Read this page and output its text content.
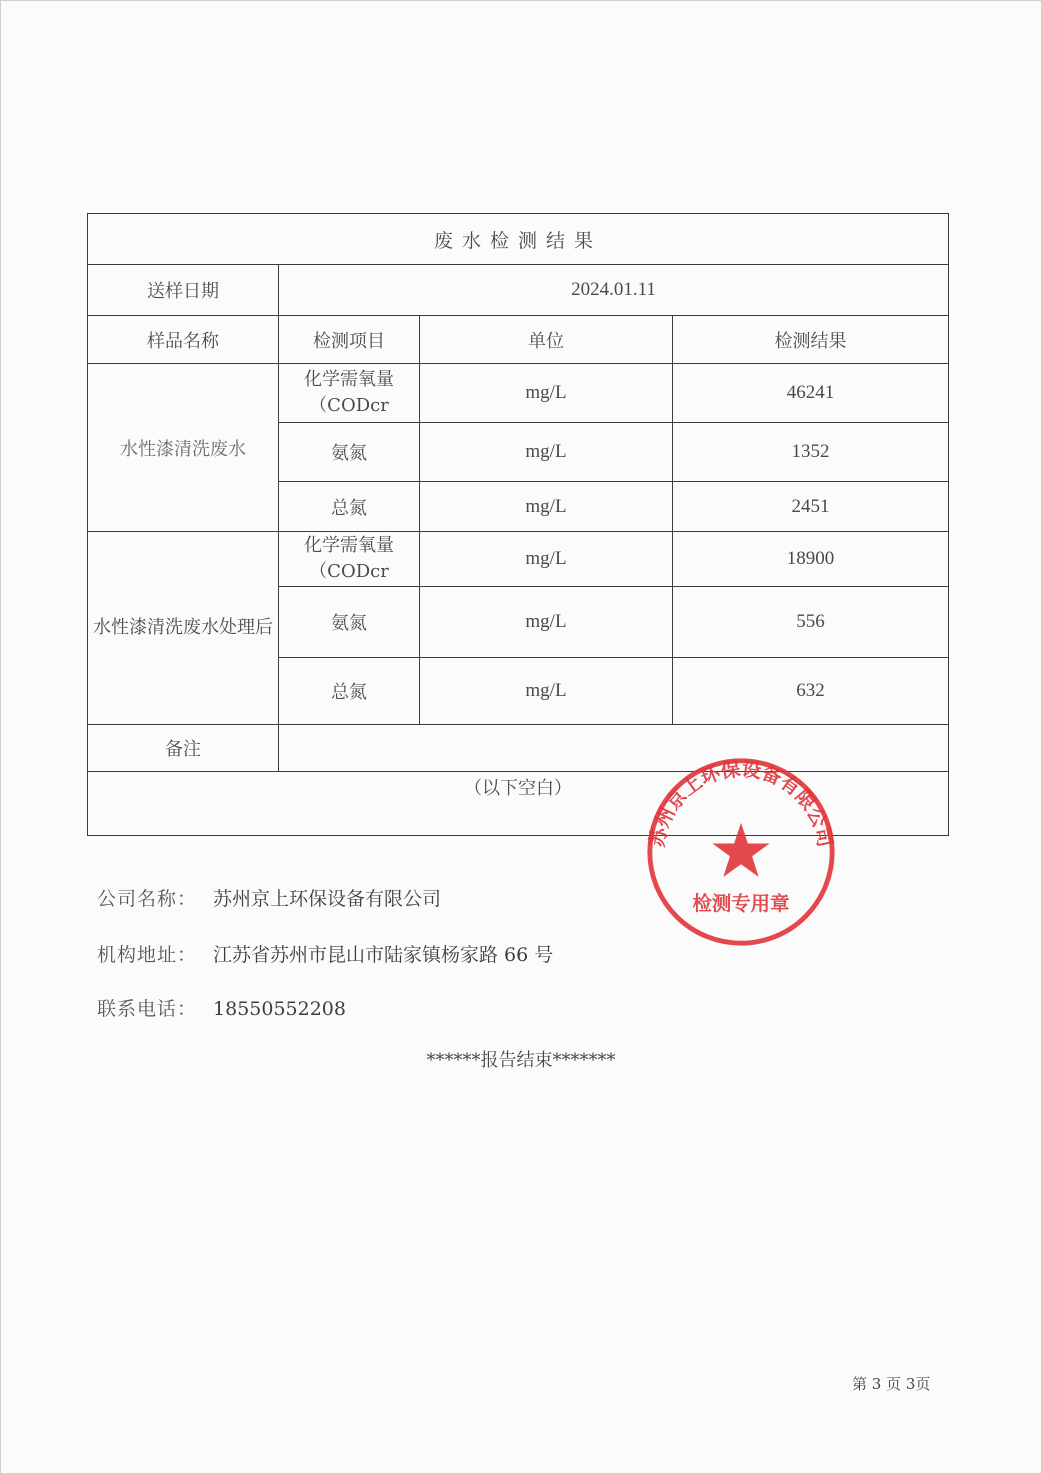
废水检测结果			
送样日期	2024.01.11		
样品名称	检测项目	单位	检测结果
水性漆清洗废水	化学需氧量（CODcr	mg/L	46241
	氨氮	mg/L	1352
	总氮	mg/L	2451
水性漆清洗废水处理后	化学需氧量（CODcr	mg/L	18900
	氨氮	mg/L	556
	总氮	mg/L	632
备注			
（以下空白）			
苏州京上环保设备有限公司
检测专用章
公司名称： 苏州京上环保设备有限公司
机构地址： 江苏省苏州市昆山市陆家镇杨家路 66 号
联系电话： 18550552208
******报告结束*******
第 3 页 3页
